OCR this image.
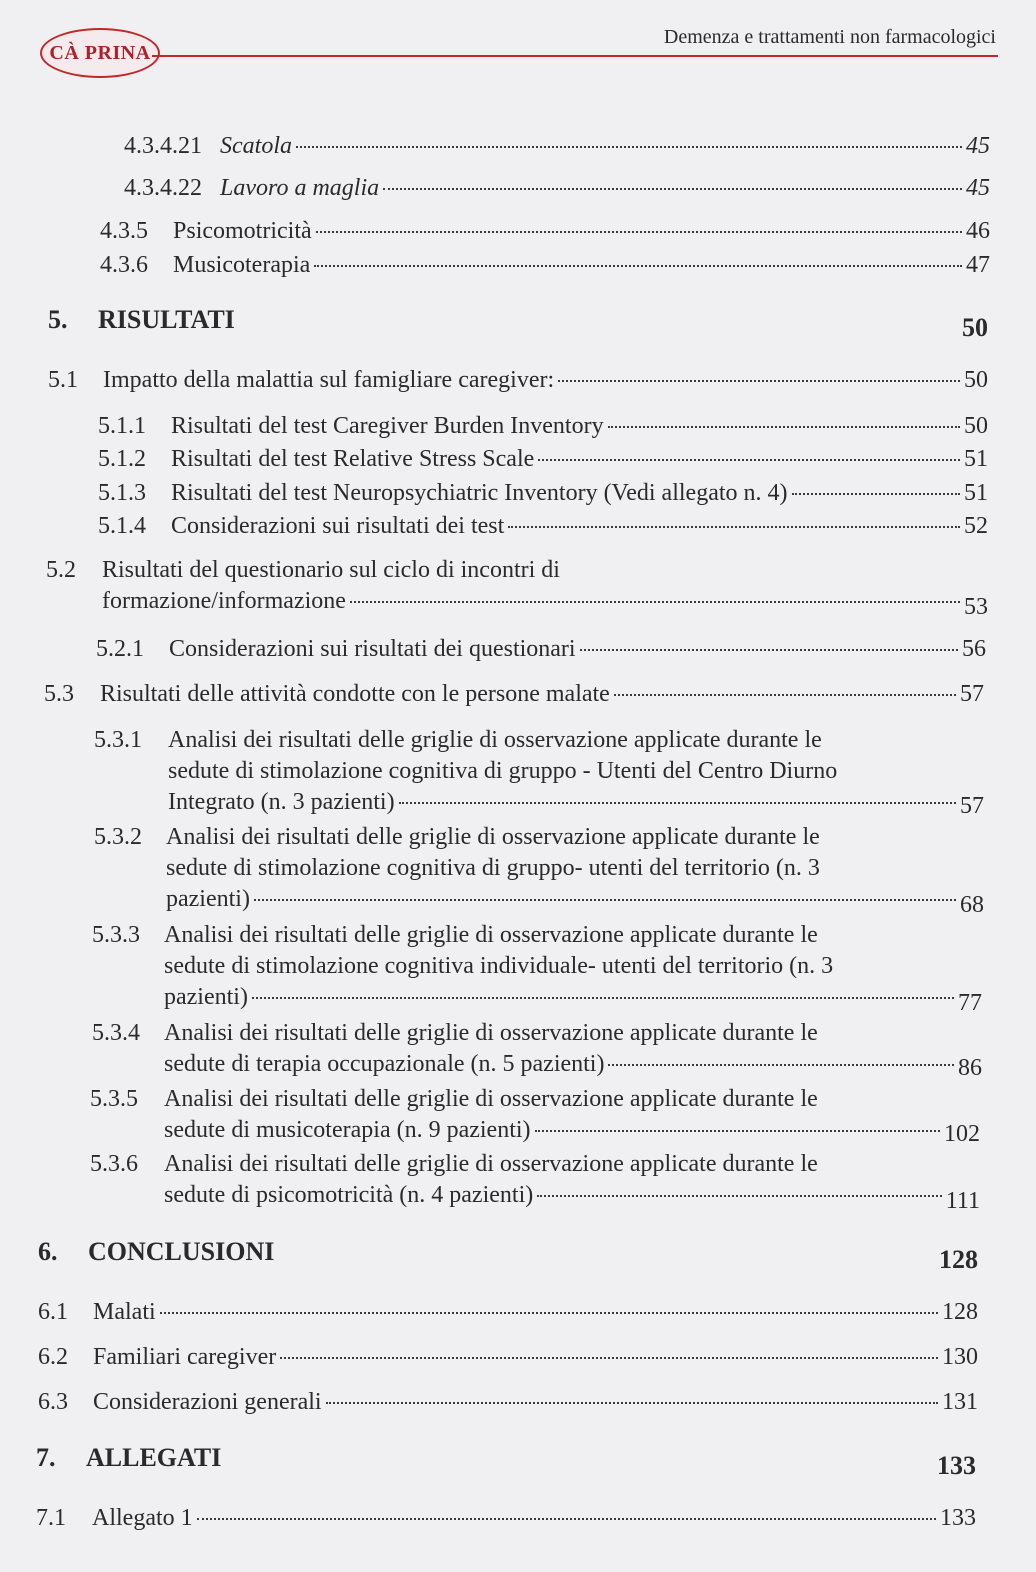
CÀ PRINA
Demenza e trattamenti non farmacologici
4.3.4.21 Scatola	45
4.3.4.22 Lavoro a maglia	45
4.3.5	Psicomotricità	46
4.3.6	Musicoterapia	47
5.	RISULTATI	50
5.1	Impatto della malattia sul famigliare caregiver:	50
5.1.1	Risultati del test Caregiver Burden Inventory	50
5.1.2	Risultati del test Relative Stress Scale	51
5.1.3	Risultati del test Neuropsychiatric Inventory (Vedi allegato n. 4)	51
5.1.4	Considerazioni sui risultati dei test	52
5.2 Risultati del questionario sul ciclo di incontri di
formazione/informazione	53
5.2.1	Considerazioni sui risultati dei questionari	56
5.3	Risultati delle attività condotte con le persone malate	57
5.3.1 Analisi dei risultati delle griglie di osservazione applicate durante le
sedute di stimolazione cognitiva di gruppo - Utenti del Centro Diurno
Integrato (n. 3 pazienti)	57
5.3.2 Analisi dei risultati delle griglie di osservazione applicate durante le
sedute di stimolazione cognitiva di gruppo- utenti del territorio (n. 3
pazienti)	68
5.3.3 Analisi dei risultati delle griglie di osservazione applicate durante le
sedute di stimolazione cognitiva individuale- utenti del territorio (n. 3
pazienti)	77
5.3.4 Analisi dei risultati delle griglie di osservazione applicate durante le
sedute di terapia occupazionale (n. 5 pazienti)	86
5.3.5 Analisi dei risultati delle griglie di osservazione applicate durante le
sedute di musicoterapia (n. 9 pazienti)	102
5.3.6 Analisi dei risultati delle griglie di osservazione applicate durante le
sedute di psicomotricità (n. 4 pazienti)	111
6.	CONCLUSIONI	128
6.1	Malati	128
6.2	Familiari caregiver	130
6.3	Considerazioni generali	131
7.	ALLEGATI	133
7.1	Allegato 1	133
